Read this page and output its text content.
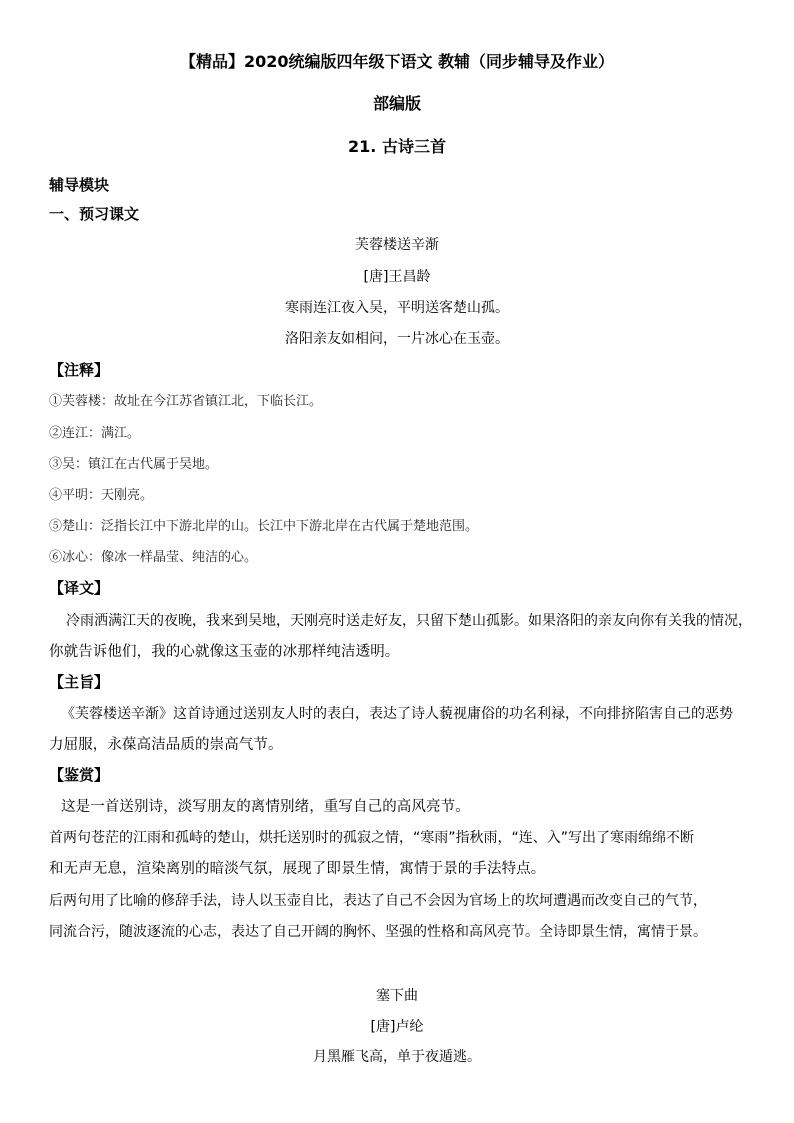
【精品】2020统编版四年级下语文 教辅（同步辅导及作业）
部编版
21. 古诗三首
辅导模块
一、预习课文
芙蓉楼送辛渐
[唐]王昌龄
寒雨连江夜入吴，平明送客楚山孤。
洛阳亲友如相问，一片冰心在玉壶。
【注释】
①芙蓉楼：故址在今江苏省镇江北，下临长江。
②连江：满江。
③吴：镇江在古代属于吴地。
④平明：天刚亮。
⑤楚山：泛指长江中下游北岸的山。长江中下游北岸在古代属于楚地范围。
⑥冰心：像冰一样晶莹、纯洁的心。
【译文】
冷雨洒满江天的夜晚，我来到吴地，天刚亮时送走好友，只留下楚山孤影。如果洛阳的亲友向你有关我的情况，
你就告诉他们，我的心就像这玉壶的冰那样纯洁透明。
【主旨】
《芙蓉楼送辛渐》这首诗通过送别友人时的表白，表达了诗人藐视庸俗的功名利禄，不向排挤陷害自己的恶势
力屈服，永葆高洁品质的崇高气节。
【鉴赏】
这是一首送别诗，淡写朋友的离情别绪，重写自己的高风亮节。
首两句苍茫的江雨和孤峙的楚山，烘托送别时的孤寂之情，“寒雨”指秋雨，“连、入”写出了寒雨绵绵不断
和无声无息，渲染离别的暗淡气氛，展现了即景生情，寓情于景的手法特点。
后两句用了比喻的修辞手法，诗人以玉壶自比，表达了自己不会因为官场上的坎坷遭遇而改变自己的气节，
同流合污，随波逐流的心志，表达了自己开阔的胸怀、坚强的性格和高风亮节。全诗即景生情，寓情于景。
塞下曲
[唐]卢纶
月黑雁飞高，单于夜遁逃。
